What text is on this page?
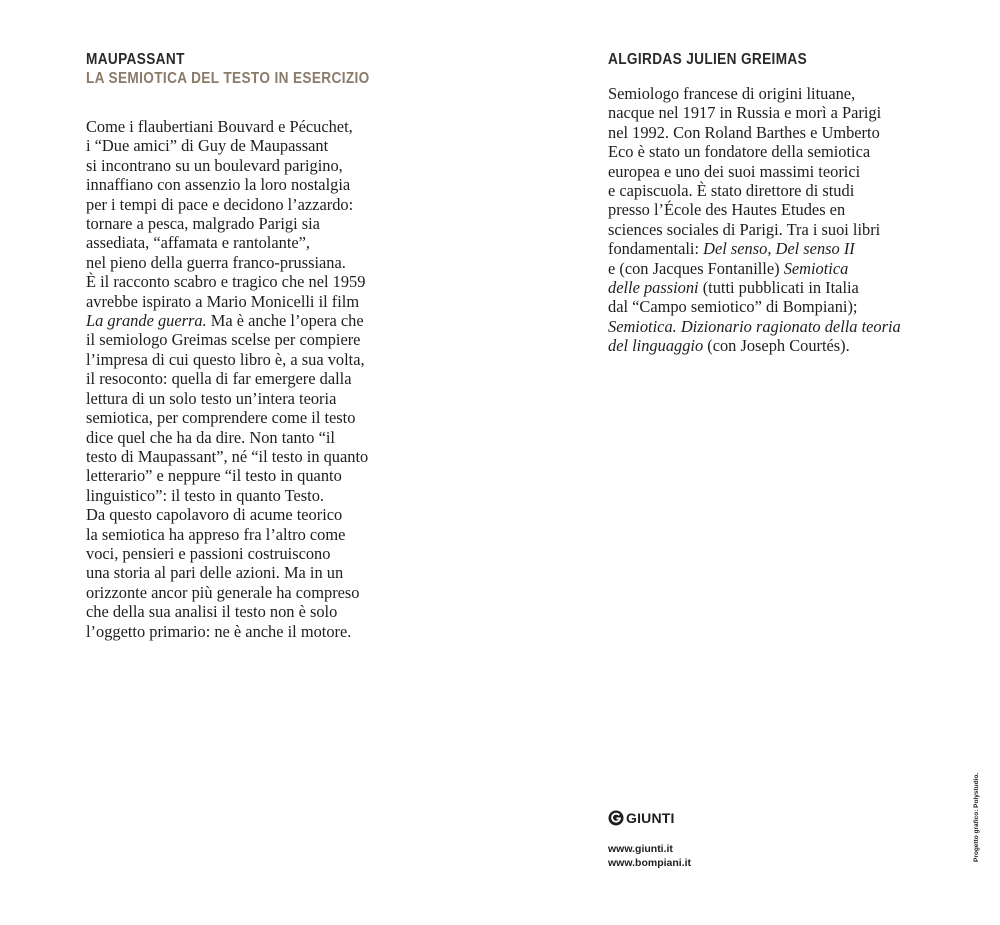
MAUPASSANT
LA SEMIOTICA DEL TESTO IN ESERCIZIO
Come i flaubertiani Bouvard e Pécuchet,
i “Due amici” di Guy de Maupassant
si incontrano su un boulevard parigino,
innaffiano con assenzio la loro nostalgia
per i tempi di pace e decidono l’azzardo:
tornare a pesca, malgrado Parigi sia
assediata, “affamata e rantolante”,
nel pieno della guerra franco-prussiana.
È il racconto scabro e tragico che nel 1959
avrebbe ispirato a Mario Monicelli il film
La grande guerra. Ma è anche l’opera che
il semiologo Greimas scelse per compiere
l’impresa di cui questo libro è, a sua volta,
il resoconto: quella di far emergere dalla
lettura di un solo testo un’intera teoria
semiotica, per comprendere come il testo
dice quel che ha da dire. Non tanto “il
testo di Maupassant”, né “il testo in quanto
letterario” e neppure “il testo in quanto
linguistico”: il testo in quanto Testo.
Da questo capolavoro di acume teorico
la semiotica ha appreso fra l’altro come
voci, pensieri e passioni costruiscono
una storia al pari delle azioni. Ma in un
orizzonte ancor più generale ha compreso
che della sua analisi il testo non è solo
l’oggetto primario: ne è anche il motore.
ALGIRDAS JULIEN GREIMAS
Semiologo francese di origini lituane,
nacque nel 1917 in Russia e morì a Parigi
nel 1992. Con Roland Barthes e Umberto
Eco è stato un fondatore della semiotica
europea e uno dei suoi massimi teorici
e capiscuola. È stato direttore di studi
presso l’École des Hautes Etudes en
sciences sociales di Parigi. Tra i suoi libri
fondamentali: Del senso, Del senso II
e (con Jacques Fontanille) Semiotica
delle passioni (tutti pubblicati in Italia
dal “Campo semiotico” di Bompiani);
Semiotica. Dizionario ragionato della teoria
del linguaggio (con Joseph Courtés).
GIUNTI
www.giunti.it
www.bompiani.it
Progetto grafico: Polystudio.
